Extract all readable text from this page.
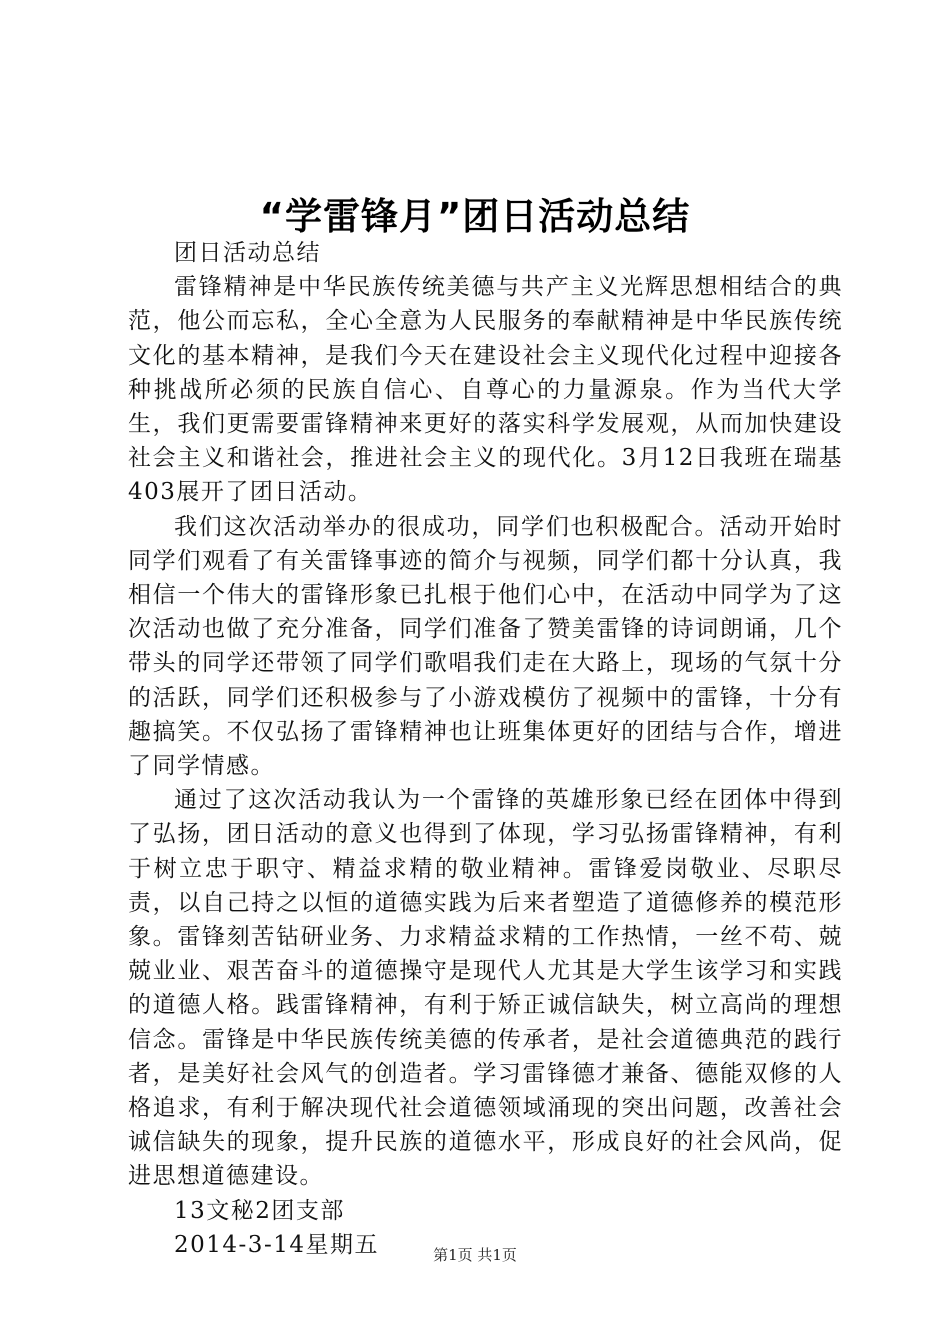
“学雷锋月”团日活动总结

团日活动总结

雷锋精神是中华民族传统美德与共产主义光辉思想相结合的典范，他公而忘私，全心全意为人民服务的奉献精神是中华民族传统文化的基本精神，是我们今天在建设社会主义现代化过程中迎接各种挑战所必须的民族自信心、自尊心的力量源泉。作为当代大学生，我们更需要雷锋精神来更好的落实科学发展观，从而加快建设社会主义和谐社会，推进社会主义的现代化。3月12日我班在瑞基403展开了团日活动。

我们这次活动举办的很成功，同学们也积极配合。活动开始时同学们观看了有关雷锋事迹的简介与视频，同学们都十分认真，我相信一个伟大的雷锋形象已扎根于他们心中，在活动中同学为了这次活动也做了充分准备，同学们准备了赞美雷锋的诗词朗诵，几个带头的同学还带领了同学们歌唱我们走在大路上，现场的气氛十分的活跃，同学们还积极参与了小游戏模仿了视频中的雷锋，十分有趣搞笑。不仅弘扬了雷锋精神也让班集体更好的团结与合作，增进了同学情感。

通过了这次活动我认为一个雷锋的英雄形象已经在团体中得到了弘扬，团日活动的意义也得到了体现，学习弘扬雷锋精神，有利于树立忠于职守、精益求精的敬业精神。雷锋爱岗敬业、尽职尽责，以自己持之以恒的道德实践为后来者塑造了道德修养的模范形象。雷锋刻苦钻研业务、力求精益求精的工作热情，一丝不苟、兢兢业业、艰苦奋斗的道德操守是现代人尤其是大学生该学习和实践的道德人格。践雷锋精神，有利于矫正诚信缺失，树立高尚的理想信念。雷锋是中华民族传统美德的传承者，是社会道德典范的践行者，是美好社会风气的创造者。学习雷锋德才兼备、德能双修的人格追求，有利于解决现代社会道德领域涌现的突出问题，改善社会诚信缺失的现象，提升民族的道德水平，形成良好的社会风尚，促进思想道德建设。

13文秘2团支部

2014-3-14星期五	第1页 共1页
